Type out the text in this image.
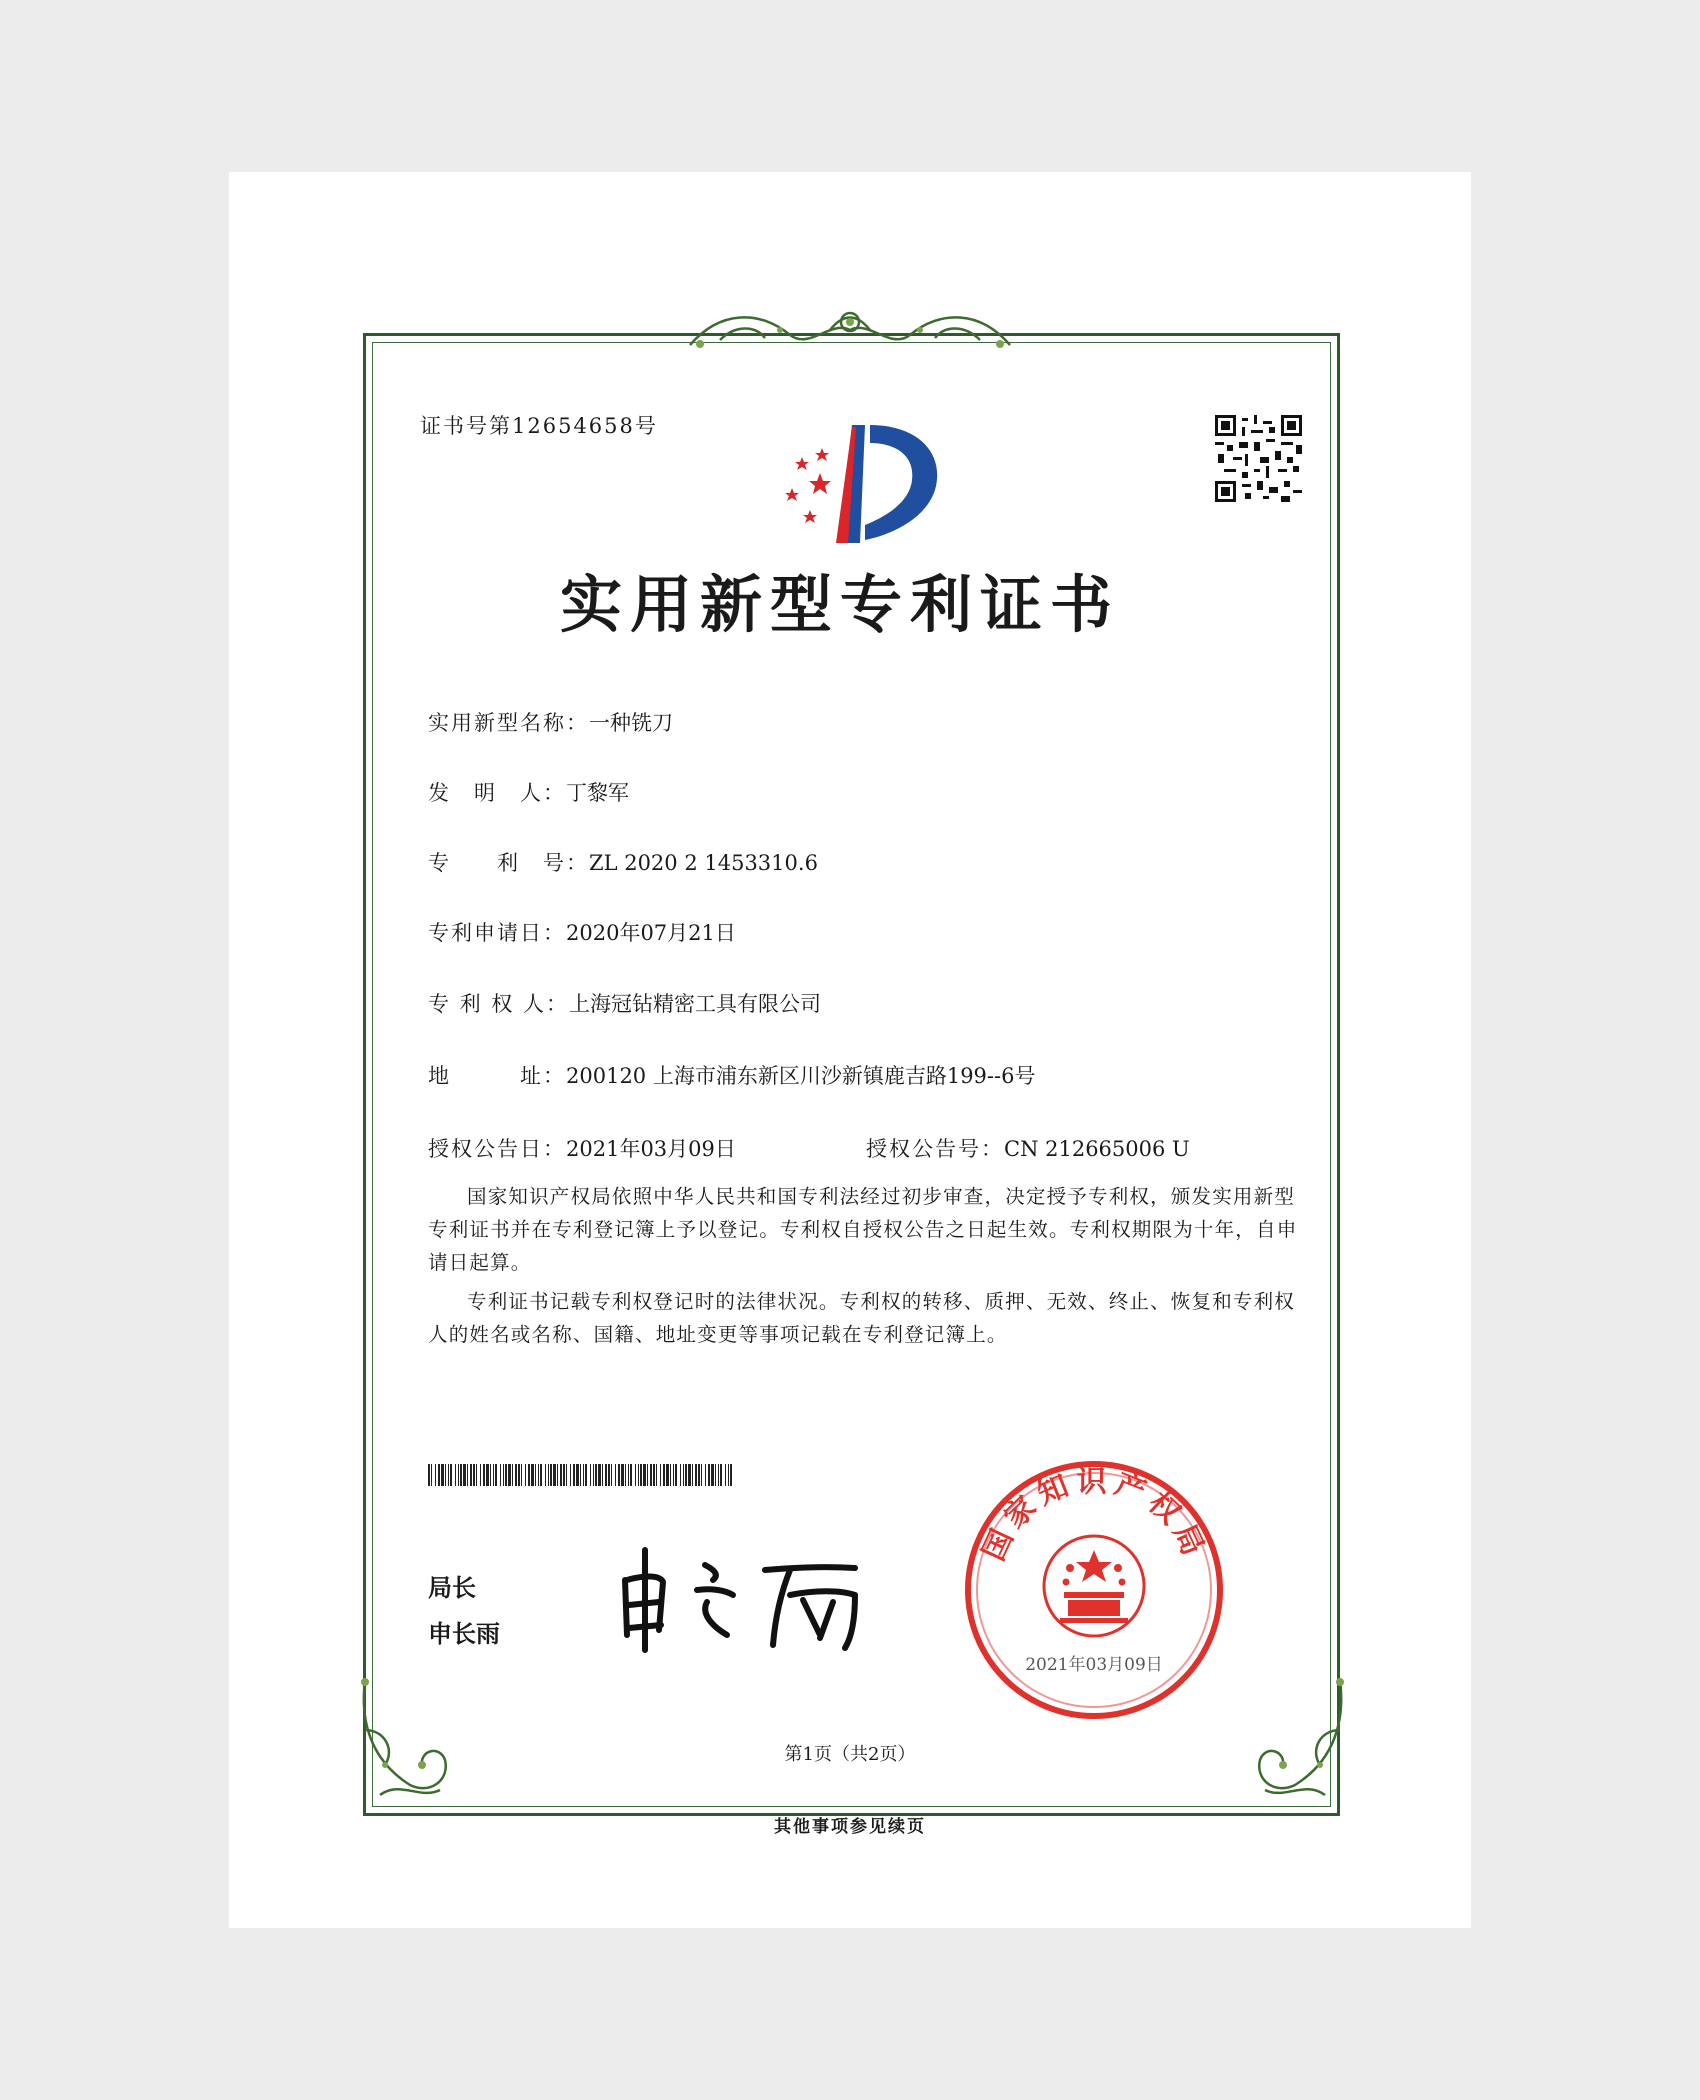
证书号第12654658号
实用新型专利证书
实用新型名称：一种铣刀
发　明　人：丁黎军
专　　利　号：ZL 2020 2 1453310.6
专利申请日：2020年07月21日
专 利 权 人：上海冠钻精密工具有限公司
地　　　址：200120 上海市浦东新区川沙新镇鹿吉路199--6号
授权公告日：2021年03月09日	授权公告号：CN 212665006 U
国家知识产权局依照中华人民共和国专利法经过初步审查，决定授予专利权，颁发实用新型专利证书并在专利登记簿上予以登记。专利权自授权公告之日起生效。专利权期限为十年，自申请日起算。
专利证书记载专利权登记时的法律状况。专利权的转移、质押、无效、终止、恢复和专利权人的姓名或名称、国籍、地址变更等事项记载在专利登记簿上。
局长
申长雨
国家知识产权局
2021年03月09日
第1页（共2页）
其他事项参见续页
